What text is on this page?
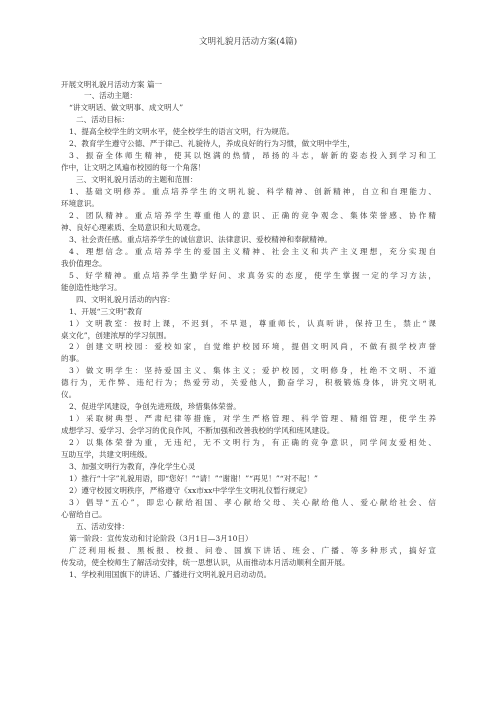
文明礼貌月活动方案(4篇)
开展文明礼貌月活动方案 篇一
一、活动主题：
“讲文明话、做文明事、成文明人”
二、活动目标：
1、提高全校学生的文明水平，使全校学生的语言文明，行为规范。
2、教育学生遵守公德、严于律己、礼貌待人，养成良好的行为习惯，做文明中学生，
3、振奋全体师生精神，使其以饱满的热情，昂扬的斗志，崭新的姿态投入到学习和工
作中，让文明之风遍布校园的每一个角落！
三、文明礼貌月活动的主题和范围：
1、基础文明修养。重点培养学生的文明礼貌、科学精神、创新精神，自立和自理能力、
环境意识。
2、团队精神。重点培养学生尊重他人的意识、正确的竞争观念、集体荣誉感、协作精
神、良好心理素质、全局意识和大局观念。
3、社会责任感。重点培养学生的诚信意识、法律意识、爱校精神和奉献精神。
4、理想信念。重点培养学生的爱国主义精神、社会主义和共产主义理想，充分实现自
我价值理念。
5、好学精神。重点培养学生勤学好问、求真务实的态度，使学生掌握一定的学习方法，
能创造性地学习。
四、文明礼貌月活动的内容：
1、开展“三文明”教育
1）文明教室：按时上课，不迟到，不早退，尊重师长，认真听讲，保持卫生，禁止“课
桌文化”，创建浓厚的学习氛围。
2）创建文明校园：爱校如家，自觉维护校园环境，提倡文明风尚，不做有损学校声誉
的事。
3）做文明学生：坚持爱国主义、集体主义；爱护校园，文明修身，杜绝不文明、不道
德行为，无作弊、违纪行为；热爱劳动，关爱他人，勤奋学习，积极锻炼身体，讲究文明礼
仪。
2、促进学风建设，争创先进班级，珍惜集体荣誉。
1）采取树典型、严肃纪律等措施，对学生严格管理、科学管理、精细管理，使学生养
成想学习、爱学习、会学习的优良作风，不断加强和改善我校的学风和班风建设。
2）以集体荣誉为重，无违纪，无不文明行为，有正确的竞争意识，同学间友爱相处、
互助互学，共建文明班级。
3、加强文明行为教育，净化学生心灵
1）推行“十字”礼貌用语，即“您好！”“请！”“谢谢！”“再见！”“对不起！”
2）遵守校园文明秩序，严格遵守《xx市xx中学学生文明礼仪暂行规定》
3）倡导“五心”，即忠心献给祖国、孝心献给父母、关心献给他人、爱心献给社会、信
心留给自己。
五、活动安排：
第一阶段：宣传发动和讨论阶段（3月1日—3月10日）
广泛利用板报、黑板报、校报、问卷、国旗下讲话、班会、广播、等多种形式，搞好宣
传发动，使全校师生了解活动安排，统一思想认识，从而推动本月活动顺利全面开展。
1、学校利用国旗下的讲话、广播进行文明礼貌月启动动员。
